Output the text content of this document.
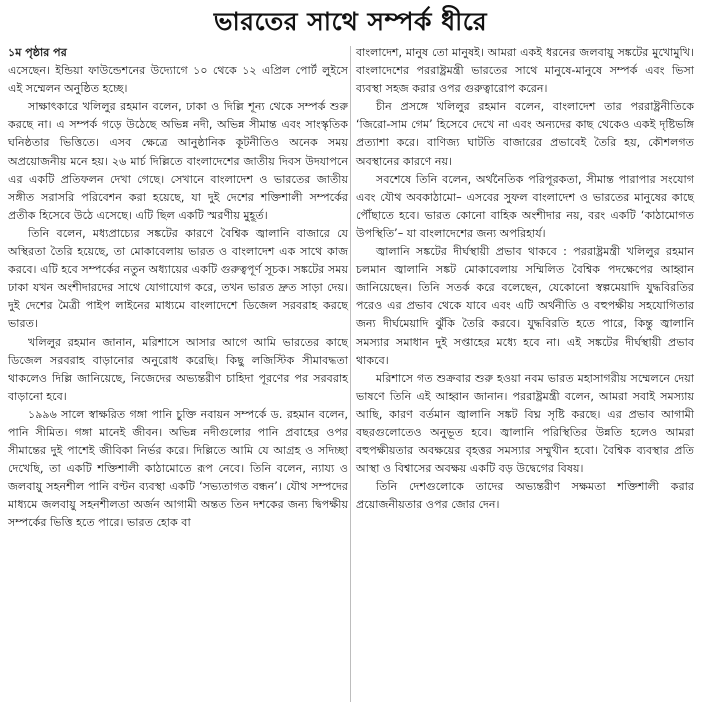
ভারতের সাথে সম্পর্ক ধীরে
১ম পৃষ্ঠার পর

এসেছেন। ইন্ডিয়া ফাউন্ডেশনের উদ্যোগে ১০ থেকে ১২ এপ্রিল পোর্ট লুইসে এই সম্মেলন অনুষ্ঠিত হচ্ছে।

সাক্ষাৎকারে খলিলুর রহমান বলেন, ঢাকা ও দিল্লি শূন্য থেকে সম্পর্ক শুরু করছে না। এ সম্পর্ক গড়ে উঠেছে অভিন্ন নদী, অভিন্ন সীমান্ত এবং সাংস্কৃতিক ঘনিষ্ঠতার ভিত্তিতে। এসব ক্ষেত্রে আনুষ্ঠানিক কূটনীতিও অনেক সময় অপ্রয়োজনীয় মনে হয়। ২৬ মার্চ দিল্লিতে বাংলাদেশের জাতীয় দিবস উদযাপনে এর একটি প্রতিফলন দেখা গেছে। সেখানে বাংলাদেশ ও ভারতের জাতীয় সঙ্গীত সরাসরি পরিবেশন করা হয়েছে, যা দুই দেশের শক্তিশালী সম্পর্কের প্রতীক হিসেবে উঠে এসেছে। এটি ছিল একটি স্মরণীয় মুহূর্ত।

তিনি বলেন, মধ্যপ্রাচ্যের সঙ্কটের কারণে বৈশ্বিক জ্বালানি বাজারে যে অস্থিরতা তৈরি হয়েছে, তা মোকাবেলায় ভারত ও বাংলাদেশ এক সাথে কাজ করবে। এটি হবে সম্পর্কের নতুন অধ্যায়ের একটি গুরুত্বপূর্ণ সূচক। সঙ্কটের সময় ঢাকা যখন অংশীদারদের সাথে যোগাযোগ করে, তখন ভারত দ্রুত সাড়া দেয়। দুই দেশের মৈত্রী পাইপ লাইনের মাধ্যমে বাংলাদেশে ডিজেল সরবরাহ করছে ভারত।

খলিলুর রহমান জানান, মরিশাসে আসার আগে আমি ভারতের কাছে ডিজেল সরবরাহ বাড়ানোর অনুরোধ করেছি। কিছু লজিস্টিক সীমাবদ্ধতা থাকলেও দিল্লি জানিয়েছে, নিজেদের অভ্যন্তরীণ চাহিদা পূরণের পর সরবরাহ বাড়ানো হবে।

১৯৯৬ সালে স্বাক্ষরিত গঙ্গা পানি চুক্তি নবায়ন সম্পর্কে ড. রহমান বলেন, পানি সীমিত। গঙ্গা মানেই জীবন। অভিন্ন নদীগুলোর পানি প্রবাহের ওপর সীমান্তের দুই পাশেই জীবিকা নির্ভর করে। দিল্লিতে আমি যে আগ্রহ ও সদিচ্ছা দেখেছি, তা একটি শক্তিশালী কাঠামোতে রূপ নেবে। তিনি বলেন, ন্যায্য ও জলবায়ু সহনশীল পানি বণ্টন ব্যবস্থা একটি ‘সভ্যতাগত বন্ধন’। যৌথ সম্পদের মাধ্যমে জলবায়ু সহনশীলতা অর্জন আগামী অন্তত তিন দশকের জন্য দ্বিপক্ষীয় সম্পর্কের ভিত্তি হতে পারে। ভারত হোক বা

বাংলাদেশ, মানুষ তো মানুষই। আমরা একই ধরনের জলবায়ু সঙ্কটের মুখোমুখি। বাংলাদেশের পররাষ্ট্রমন্ত্রী ভারতের সাথে মানুষে-মানুষে সম্পর্ক এবং ভিসা ব্যবস্থা সহজ করার ওপর গুরুত্বারোপ করেন।

চীন প্রসঙ্গে খলিলুর রহমান বলেন, বাংলাদেশ তার পররাষ্ট্রনীতিকে ‘জিরো-সাম গেম’ হিসেবে দেখে না এবং অন্যদের কাছ থেকেও একই দৃষ্টিভঙ্গি প্রত্যাশা করে। বাণিজ্য ঘাটতি বাজারের প্রভাবেই তৈরি হয়, কৌশলগত অবস্থানের কারণে নয়।

সবশেষে তিনি বলেন, অর্থনৈতিক পরিপূরকতা, সীমান্ত পারাপার সংযোগ এবং যৌথ অবকাঠামো– এসবের সুফল বাংলাদেশ ও ভারতের মানুষের কাছে পৌঁছাতে হবে। ভারত কোনো বাহিক অংশীদার নয়, বরং একটি ‘কাঠামোগত উপস্থিতি’– যা বাংলাদেশের জন্য অপরিহার্য।

জ্বালানি সঙ্কটের দীর্ঘস্থায়ী প্রভাব থাকবে : পররাষ্ট্রমন্ত্রী খলিলুর রহমান চলমান জ্বালানি সঙ্কট মোকাবেলায় সম্মিলিত বৈশ্বিক পদক্ষেপের আহ্বান জানিয়েছেন। তিনি সতর্ক করে বলেছেন, যেকোনো স্বল্পমেয়াদি যুদ্ধবিরতির পরেও এর প্রভাব থেকে যাবে এবং এটি অর্থনীতি ও বহুপক্ষীয় সহযোগিতার জন্য দীর্ঘমেয়াদি ঝুঁকি তৈরি করবে। যুদ্ধবিরতি হতে পারে, কিন্তু জ্বালানি সমস্যার সমাধান দুই সপ্তাহের মধ্যে হবে না। এই সঙ্কটের দীর্ঘস্থায়ী প্রভাব থাকবে।

মরিশাসে গত শুক্রবার শুরু হওয়া নবম ভারত মহাসাগরীয় সম্মেলনে দেয়া ভাষণে তিনি এই আহ্বান জানান। পররাষ্ট্রমন্ত্রী বলেন, আমরা সবাই সমস্যায় আছি, কারণ বর্তমান জ্বালানি সঙ্কট বিঘ্ন সৃষ্টি করছে। এর প্রভাব আগামী বছরগুলোতেও অনুভূত হবে। জ্বালানি পরিস্থিতির উন্নতি হলেও আমরা বহুপক্ষীয়তার অবক্ষয়ের বৃহত্তর সমস্যার সম্মুখীন হবো। বৈশ্বিক ব্যবস্থার প্রতি আস্থা ও বিশ্বাসের অবক্ষয় একটি বড় উদ্বেগের বিষয়।

তিনি দেশগুলোকে তাদের অভ্যন্তরীণ সক্ষমতা শক্তিশালী করার প্রয়োজনীয়তার ওপর জোর দেন।
